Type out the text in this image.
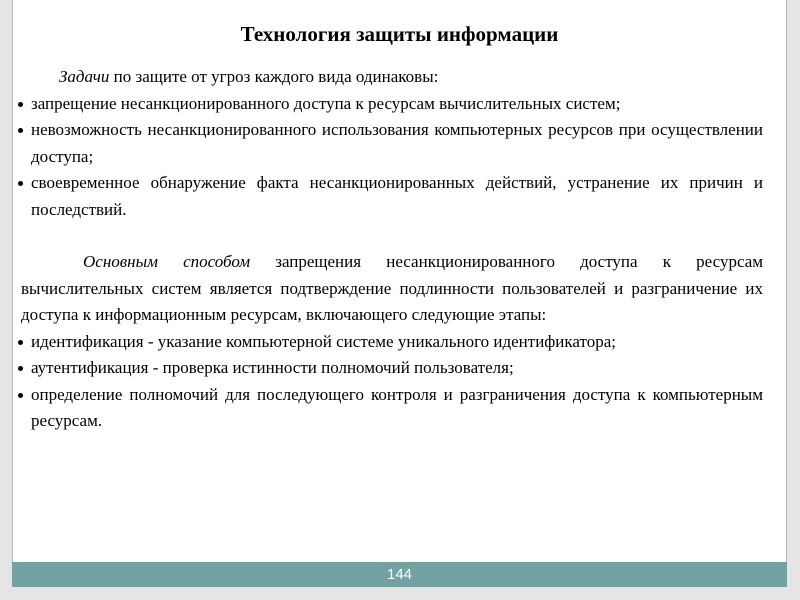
Технология защиты информации

Задачи по защите от угроз каждого вида одинаковы:

запрещение несанкционированного доступа к ресурсам вычислительных систем;

невозможность несанкционированного использования компьютерных ресурсов при осуществлении доступа;

своевременное обнаружение факта несанкционированных действий, устранение их причин и последствий.

Основным способом запрещения несанкционированного доступа к ресурсам вычислительных систем является подтверждение подлинности пользователей и разграничение их доступа к информационным ресурсам, включающего следующие этапы:

идентификация - указание компьютерной системе уникального идентификатора;

аутентификация - проверка истинности полномочий пользователя;

определение полномочий для последующего контроля и разграничения доступа к компьютерным ресурсам.

144
